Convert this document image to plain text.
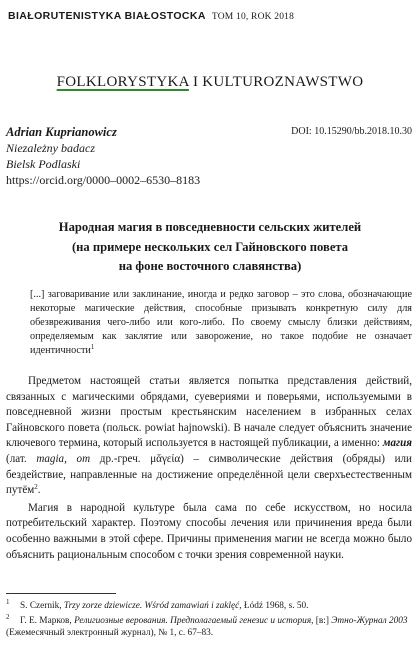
BIAŁORUTENISTYKA BIAŁOSTOCKA TOM 10, ROK 2018
FOLKLORYSTYKA I KULTUROZNAWSTWO
Adrian Kuprianowicz
Niezależny badacz
Bielsk Podlaski
https://orcid.org/0000–0002–6530–8183
DOI: 10.15290/bb.2018.10.30
Народная магия в повседневности сельских жителей
(на примере нескольких сел Гайновского повета
на фоне восточного славянства)
[...] заговаривание или заклинание, иногда и редко заговор – это слова, обозначающие некоторые магические действия, способные призывать конкретную силу для обезвреживания чего-либо или кого-либо. По своему смыслу близки действиям, определяемым как заклятие или заворожение, но такое подобие не означает идентичности$^1$

Предметом настоящей статьи является попытка представления действий, связанных с магическими обрядами, суевериями и поверьями, используемыми в повседневной жизни простым крестьянским населением в избранных селах Гайновского повета (польск. powiat hajnowski). В начале следует объяснить значение ключевого термина, который используется в настоящей публикации, а именно: магия (лат. magia, от др.-греч. μᾰγεία) – символические действия (обряды) или бездействие, направленные на достижение определённой цели сверхъестественным путём$^2$.

Магия в народной культуре была сама по себе искусством, но носила потребительский характер. Поэтому способы лечения или причинения вреда были особенно важными в этой сфере. Причины применения магии не всегда можно было объяснить рациональным способом с точки зрения современной науки.

$^1$ S. Czernik, Trzy zorze dziewicze. Wśród zamawiań i zaklęć, Łódź 1968, s. 50.
$^2$ Г. Е. Марков, Религиозные верования. Предполагаемый генезис и история, [в:] Этно-Журнал 2003 (Ежемесячный электронный журнал), № 1, с. 67–83.
